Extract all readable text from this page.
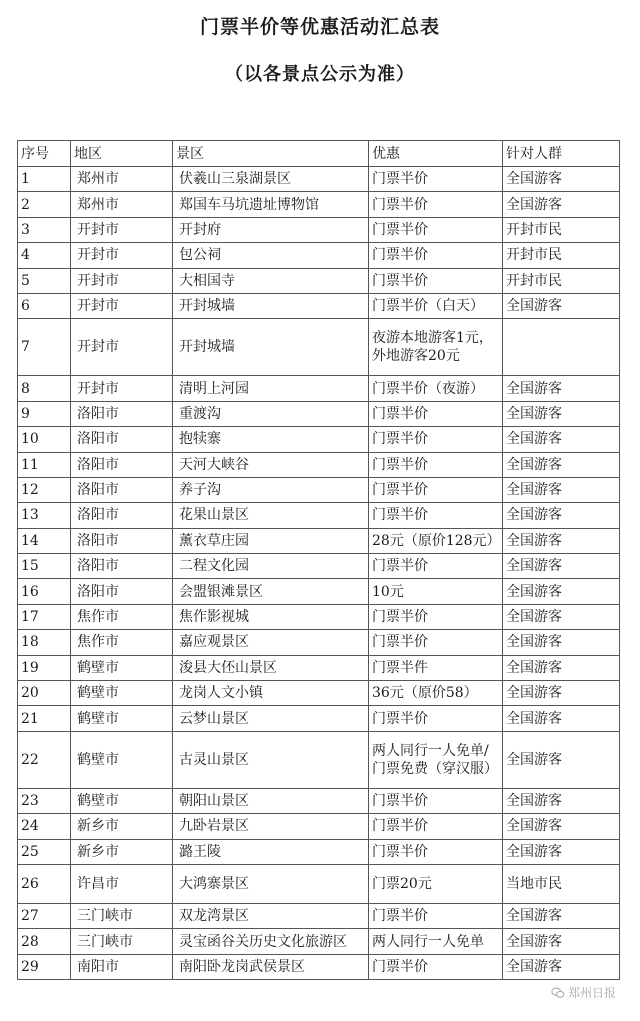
门票半价等优惠活动汇总表
（以各景点公示为准）
序号	地区	景区	优惠	针对人群
1	郑州市	伏羲山三泉湖景区	门票半价	全国游客
2	郑州市	郑国车马坑遗址博物馆	门票半价	全国游客
3	开封市	开封府	门票半价	开封市民
4	开封市	包公祠	门票半价	开封市民
5	开封市	大相国寺	门票半价	开封市民
6	开封市	开封城墙	门票半价（白天）	全国游客
7	开封市	开封城墙	夜游本地游客1元，外地游客20元	
8	开封市	清明上河园	门票半价（夜游）	全国游客
9	洛阳市	重渡沟	门票半价	全国游客
10	洛阳市	抱犊寨	门票半价	全国游客
11	洛阳市	天河大峡谷	门票半价	全国游客
12	洛阳市	养子沟	门票半价	全国游客
13	洛阳市	花果山景区	门票半价	全国游客
14	洛阳市	薰衣草庄园	28元（原价128元）	全国游客
15	洛阳市	二程文化园	门票半价	全国游客
16	洛阳市	会盟银滩景区	10元	全国游客
17	焦作市	焦作影视城	门票半价	全国游客
18	焦作市	嘉应观景区	门票半价	全国游客
19	鹤壁市	浚县大伾山景区	门票半件	全国游客
20	鹤壁市	龙岗人文小镇	36元（原价58）	全国游客
21	鹤壁市	云梦山景区	门票半价	全国游客
22	鹤壁市	古灵山景区	两人同行一人免单/门票免费（穿汉服）	全国游客
23	鹤壁市	朝阳山景区	门票半价	全国游客
24	新乡市	九卧岩景区	门票半价	全国游客
25	新乡市	潞王陵	门票半价	全国游客
26	许昌市	大鸿寨景区	门票20元	当地市民
27	三门峡市	双龙湾景区	门票半价	全国游客
28	三门峡市	灵宝函谷关历史文化旅游区	两人同行一人免单	全国游客
29	南阳市	南阳卧龙岗武侯景区	门票半价	全国游客
郑州日报
